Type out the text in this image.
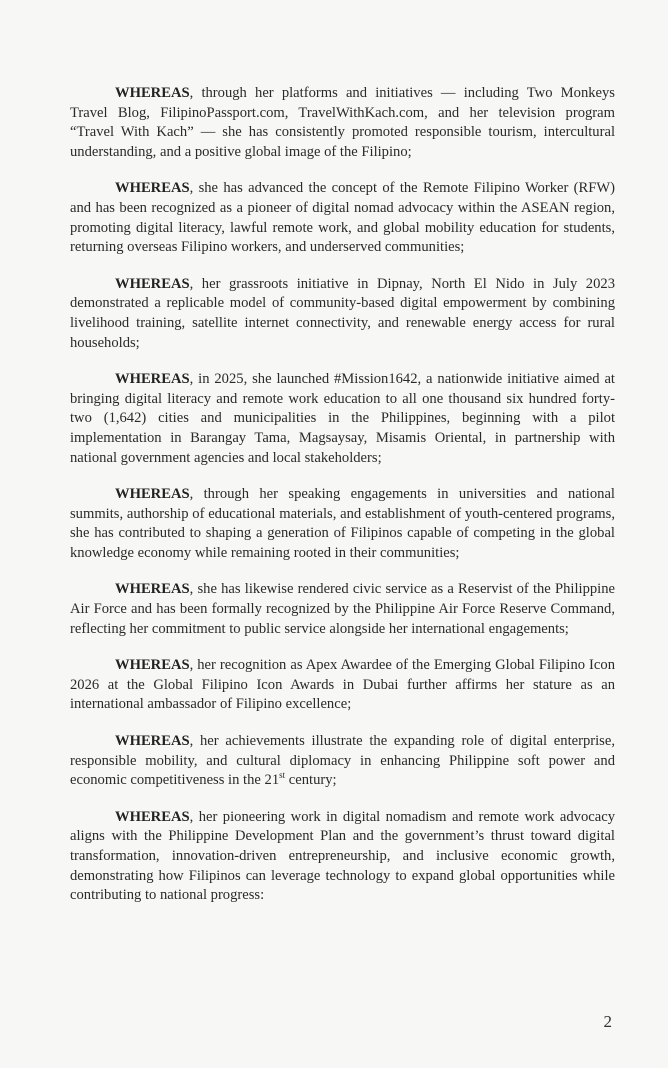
WHEREAS, through her platforms and initiatives — including Two Monkeys Travel Blog, FilipinoPassport.com, TravelWithKach.com, and her television program “Travel With Kach” — she has consistently promoted responsible tourism, intercultural understanding, and a positive global image of the Filipino;

WHEREAS, she has advanced the concept of the Remote Filipino Worker (RFW) and has been recognized as a pioneer of digital nomad advocacy within the ASEAN region, promoting digital literacy, lawful remote work, and global mobility education for students, returning overseas Filipino workers, and underserved communities;

WHEREAS, her grassroots initiative in Dipnay, North El Nido in July 2023 demonstrated a replicable model of community-based digital empowerment by combining livelihood training, satellite internet connectivity, and renewable energy access for rural households;

WHEREAS, in 2025, she launched #Mission1642, a nationwide initiative aimed at bringing digital literacy and remote work education to all one thousand six hundred forty-two (1,642) cities and municipalities in the Philippines, beginning with a pilot implementation in Barangay Tama, Magsaysay, Misamis Oriental, in partnership with national government agencies and local stakeholders;

WHEREAS, through her speaking engagements in universities and national summits, authorship of educational materials, and establishment of youth-centered programs, she has contributed to shaping a generation of Filipinos capable of competing in the global knowledge economy while remaining rooted in their communities;

WHEREAS, she has likewise rendered civic service as a Reservist of the Philippine Air Force and has been formally recognized by the Philippine Air Force Reserve Command, reflecting her commitment to public service alongside her international engagements;

WHEREAS, her recognition as Apex Awardee of the Emerging Global Filipino Icon 2026 at the Global Filipino Icon Awards in Dubai further affirms her stature as an international ambassador of Filipino excellence;

WHEREAS, her achievements illustrate the expanding role of digital enterprise, responsible mobility, and cultural diplomacy in enhancing Philippine soft power and economic competitiveness in the 21st century;

WHEREAS, her pioneering work in digital nomadism and remote work advocacy aligns with the Philippine Development Plan and the government’s thrust toward digital transformation, innovation-driven entrepreneurship, and inclusive economic growth, demonstrating how Filipinos can leverage technology to expand global opportunities while contributing to national progress:

2
